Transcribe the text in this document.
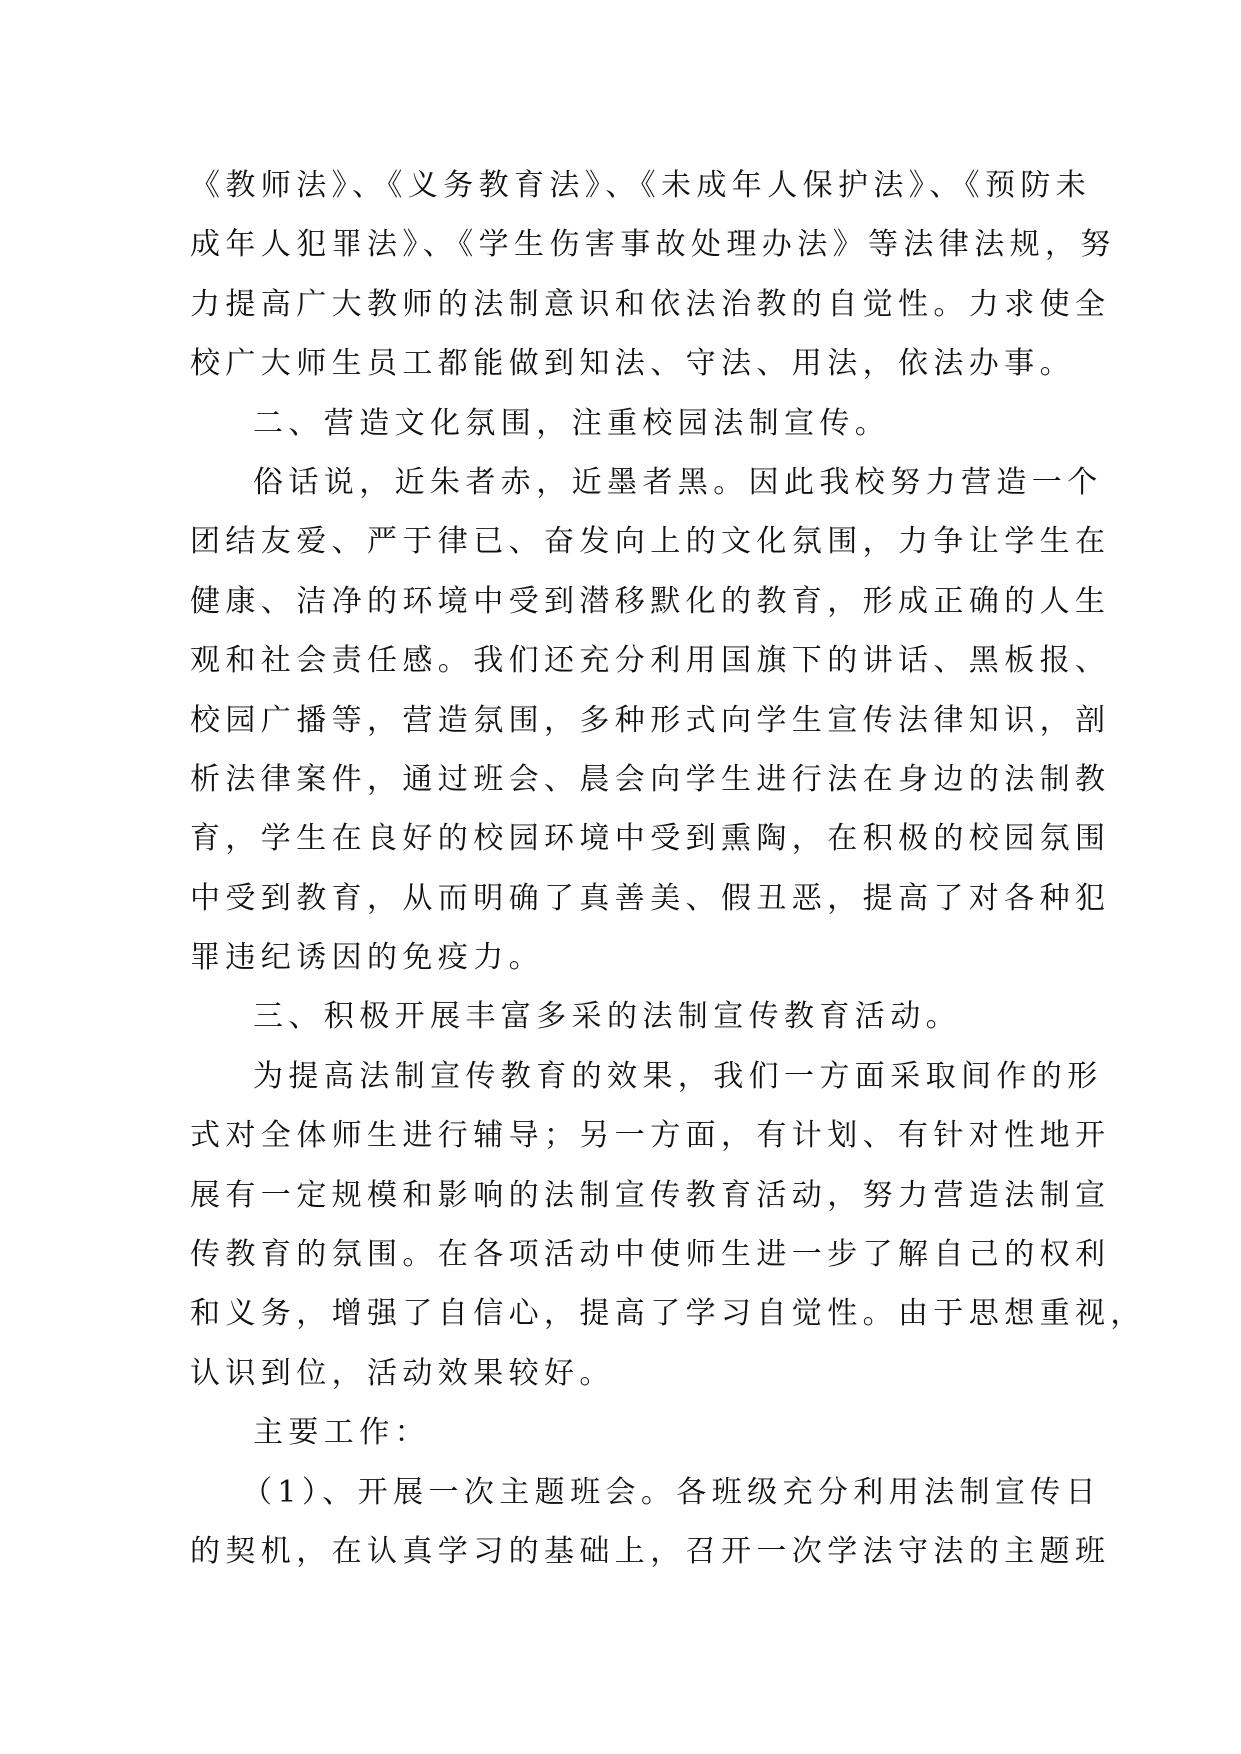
《教师法》、《义务教育法》、《未成年人保护法》、《预防未
成年人犯罪法》、《学生伤害事故处理办法》等法律法规，努
力提高广大教师的法制意识和依法治教的自觉性。力求使全
校广大师生员工都能做到知法、守法、用法，依法办事。
二、营造文化氛围，注重校园法制宣传。
俗话说，近朱者赤，近墨者黑。因此我校努力营造一个
团结友爱、严于律已、奋发向上的文化氛围，力争让学生在
健康、洁净的环境中受到潜移默化的教育，形成正确的人生
观和社会责任感。我们还充分利用国旗下的讲话、黑板报、
校园广播等，营造氛围，多种形式向学生宣传法律知识，剖
析法律案件，通过班会、晨会向学生进行法在身边的法制教
育，学生在良好的校园环境中受到熏陶，在积极的校园氛围
中受到教育，从而明确了真善美、假丑恶，提高了对各种犯
罪违纪诱因的免疫力。
三、积极开展丰富多采的法制宣传教育活动。
为提高法制宣传教育的效果，我们一方面采取间作的形
式对全体师生进行辅导；另一方面，有计划、有针对性地开
展有一定规模和影响的法制宣传教育活动，努力营造法制宣
传教育的氛围。在各项活动中使师生进一步了解自己的权利
和义务，增强了自信心，提高了学习自觉性。由于思想重视，
认识到位，活动效果较好。
主要工作：
（1）、开展一次主题班会。各班级充分利用法制宣传日
的契机，在认真学习的基础上，召开一次学法守法的主题班
